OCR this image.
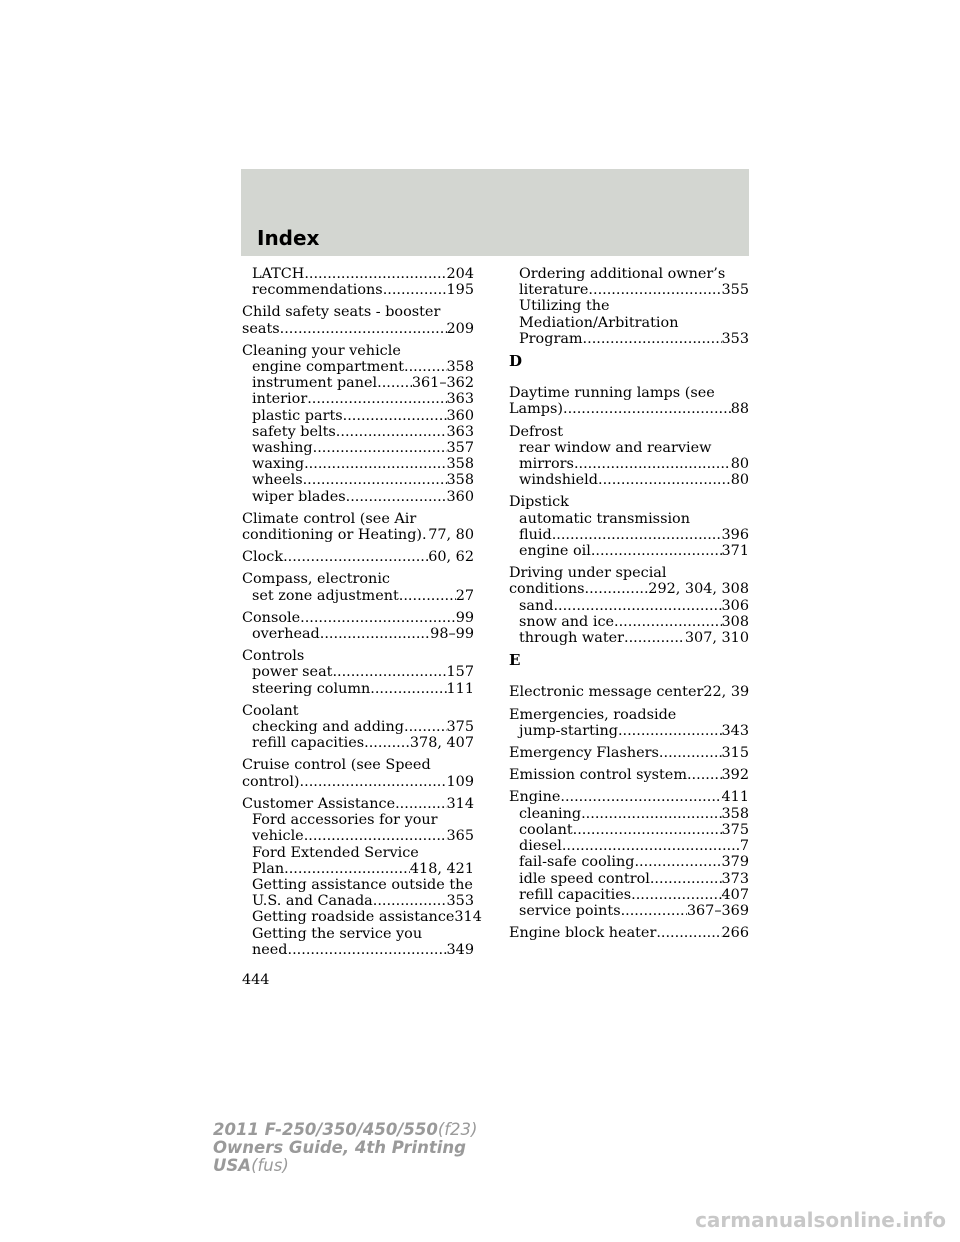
Index
LATCH .....	204
recommendations .....	195
Child safety seats - booster
seats .....	209
Cleaning your vehicle
engine compartment .....	358
instrument panel ..... 361–362
interior .....	363
plastic parts .....	360
safety belts .....	363
washing .....	357
waxing .....	358
wheels .....	358
wiper blades .....	360
Climate control (see Air
conditioning or Heating) ..... 77, 80
Clock .....	60, 62
Compass, electronic
set zone adjustment .....	27
Console .....	99
overhead .....	98–99
Controls
power seat .....	157
steering column .....	111
Coolant
checking and adding .....	375
refill capacities .....	378, 407
Cruise control (see Speed
control) .....	109
Customer Assistance .....	314
Ford accessories for your
vehicle .....	365
Ford Extended Service
Plan .....	418, 421
Getting assistance outside the
U.S. and Canada .....	353
Getting roadside assistance 314
Getting the service you
need .....	349
Ordering additional owner’s
literature .....	355
Utilizing the
Mediation/Arbitration
Program .....	353
D
Daytime running lamps (see
Lamps) .....	88
Defrost
rear window and rearview
mirrors .....	80
windshield .....	80
Dipstick
automatic transmission
fluid .....	396
engine oil .....	371
Driving under special
conditions .....	292, 304, 308
sand .....	306
snow and ice .....	308
through water .....	307, 310
E
Electronic message center 22, 39
Emergencies, roadside
jump-starting .....	343
Emergency Flashers .....	315
Emission control system ..... 392
Engine .....	411
cleaning .....	358
coolant .....	375
diesel .....	7
fail-safe cooling .....	379
idle speed control .....	373
refill capacities .....	407
service points .....	367–369
Engine block heater .....	266
444
2011 F-250/350/450/550(f23)
Owners Guide, 4th Printing
USA(fus)
carmanualsonline.info
